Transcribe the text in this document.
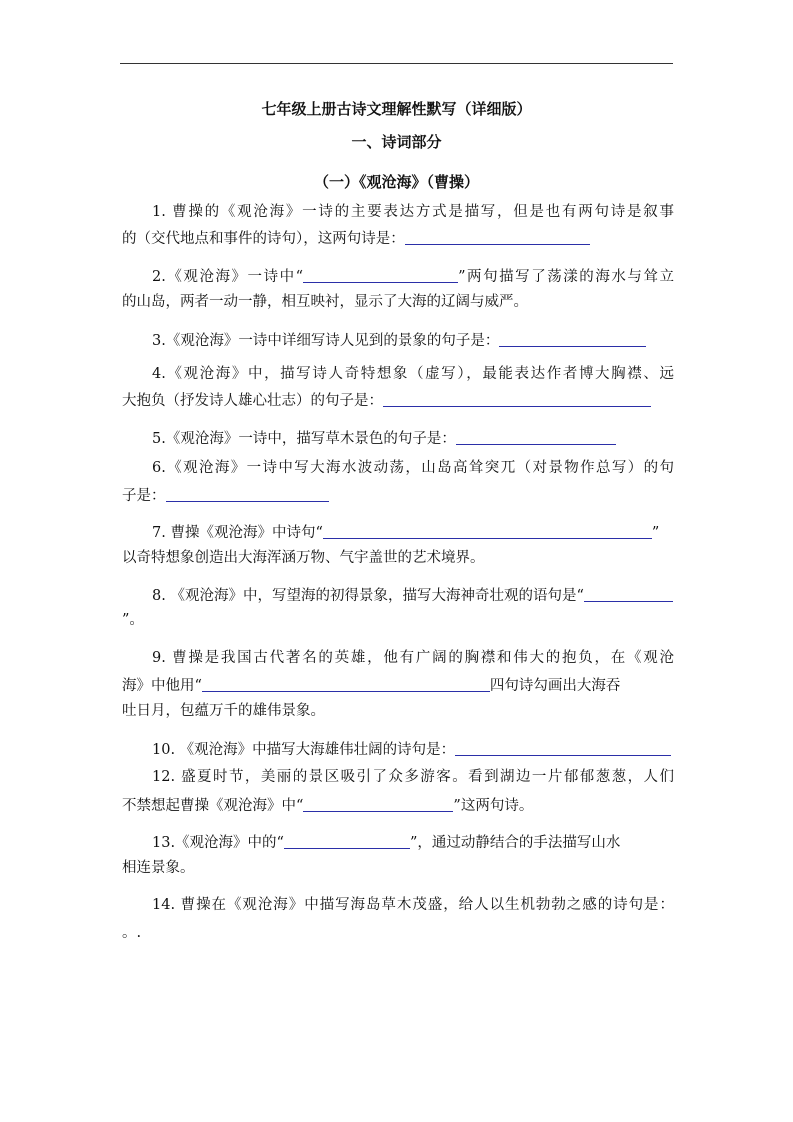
七年级上册古诗文理解性默写（详细版）
一、诗词部分
（一）《观沧海》（曹操）
1. 曹操的《观沧海》一诗的主要表达方式是描写，但是也有两句诗是叙事
的（交代地点和事件的诗句），这两句诗是：
2.《观沧海》一诗中“	”两句描写了荡漾的海水与耸立
的山岛，两者一动一静，相互映衬，显示了大海的辽阔与威严。
3.《观沧海》一诗中详细写诗人见到的景象的句子是：
4.《观沧海》中，描写诗人奇特想象（虚写），最能表达作者博大胸襟、远
大抱负（抒发诗人雄心壮志）的句子是：
5.《观沧海》一诗中，描写草木景色的句子是：
6.《观沧海》一诗中写大海水波动荡，山岛高耸突兀（对景物作总写）的句
子是：
7. 曹操《观沧海》中诗句“	”
以奇特想象创造出大海浑涵万物、气宇盖世的艺术境界。
8. 《观沧海》中，写望海的初得景象，描写大海神奇壮观的语句是“
”。
9. 曹操是我国古代著名的英雄，他有广阔的胸襟和伟大的抱负，在《观沧
海》中他用“	四句诗勾画出大海吞
吐日月，包蕴万千的雄伟景象。
10. 《观沧海》中描写大海雄伟壮阔的诗句是：
12. 盛夏时节，美丽的景区吸引了众多游客。看到湖边一片郁郁葱葱，人们
不禁想起曹操《观沧海》中“	”这两句诗。
13.《观沧海》中的“	”，通过动静结合的手法描写山水
相连景象。
14. 曹操在《观沧海》中描写海岛草木茂盛，给人以生机勃勃之感的诗句是：
。.
